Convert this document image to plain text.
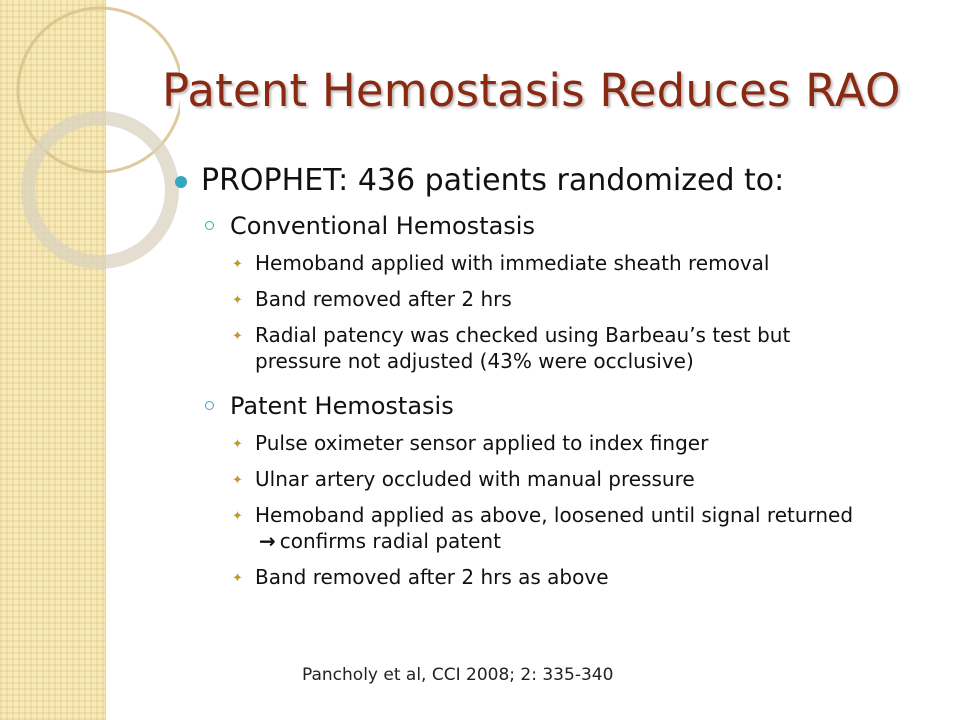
Patent Hemostasis Reduces RAO
PROPHET: 436 patients randomized to:
Conventional Hemostasis
✦ Hemoband applied with immediate sheath removal
✦ Band removed after 2 hrs
✦ Radial patency was checked using Barbeau’s test but pressure not adjusted (43% were occlusive)
Patent Hemostasis
✦ Pulse oximeter sensor applied to index finger
✦ Ulnar artery occluded with manual pressure
✦ Hemoband applied as above, loosened until signal returned → confirms radial patent
✦ Band removed after 2 hrs as above
Pancholy et al, CCI 2008; 2: 335-340
